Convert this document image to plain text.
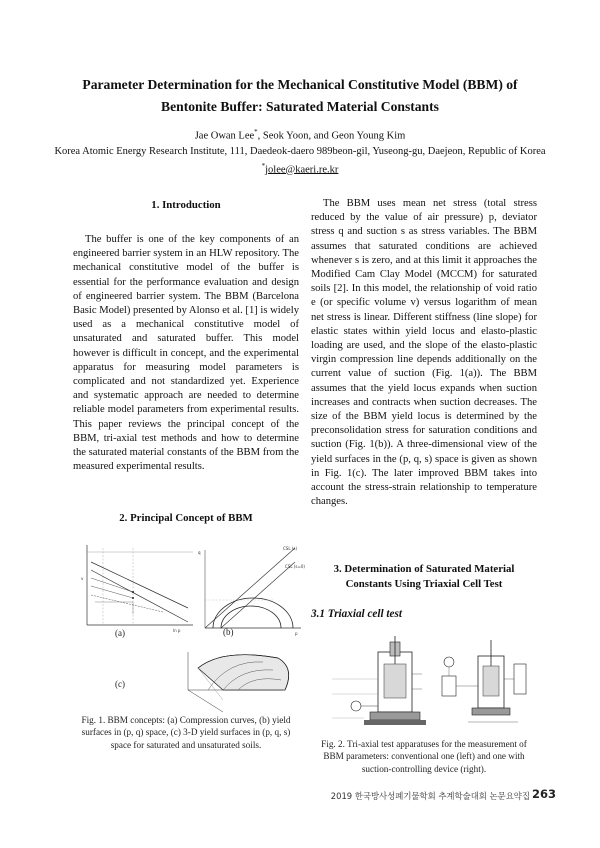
Parameter Determination for the Mechanical Constitutive Model (BBM) of
Bentonite Buffer: Saturated Material Constants
Jae Owan Lee*, Seok Yoon, and Geon Young Kim
Korea Atomic Energy Research Institute, 111, Daedeok-daero 989beon-gil, Yuseong-gu, Daejeon, Republic of Korea
*jolee@kaeri.re.kr
1. Introduction
The buffer is one of the key components of an engineered barrier system in an HLW repository. The mechanical constitutive model of the buffer is essential for the performance evaluation and design of engineered barrier system. The BBM (Barcelona Basic Model) presented by Alonso et al. [1] is widely used as a mechanical constitutive model of unsaturated and saturated buffer. This model however is difficult in concept, and the experimental apparatus for measuring model parameters is complicated and not standardized yet. Experience and systematic approach are needed to determine reliable model parameters from experimental results. This paper reviews the principal concept of the BBM, tri-axial test methods and how to determine the saturated material constants of the BBM from the measured experimental results.
2. Principal Concept of BBM
v
ln p
CSL (s)
CSL (s=0)
p
q
(a)	(b)
(c)
Fig. 1. BBM concepts: (a) Compression curves, (b) yield surfaces in (p, q) space, (c) 3-D yield surfaces in (p, q, s) space for saturated and unsaturated soils.
The BBM uses mean net stress (total stress reduced by the value of air pressure) p, deviator stress q and suction s as stress variables. The BBM assumes that saturated conditions are achieved whenever s is zero, and at this limit it approaches the Modified Cam Clay Model (MCCM) for saturated soils [2]. In this model, the relationship of void ratio e (or specific volume v) versus logarithm of mean net stress is linear. Different stiffness (line slope) for elastic states within yield locus and elasto-plastic loading are used, and the slope of the elasto-plastic virgin compression line depends additionally on the current value of suction (Fig. 1(a)). The BBM assumes that the yield locus expands when suction increases and contracts when suction decreases. The size of the BBM yield locus is determined by the preconsolidation stress for saturation conditions and suction (Fig. 1(b)). A three-dimensional view of the yield surfaces in the (p, q, s) space is given as shown in Fig. 1(c). The later improved BBM takes into account the stress-strain relationship to temperature changes.
3. Determination of Saturated Material
Constants Using Triaxial Cell Test
3.1 Triaxial cell test
Fig. 2. Tri-axial test apparatuses for the measurement of BBM parameters: conventional one (left) and one with suction-controlling device (right).
2019 한국방사성폐기물학회 추계학술대회 논문요약집 263
